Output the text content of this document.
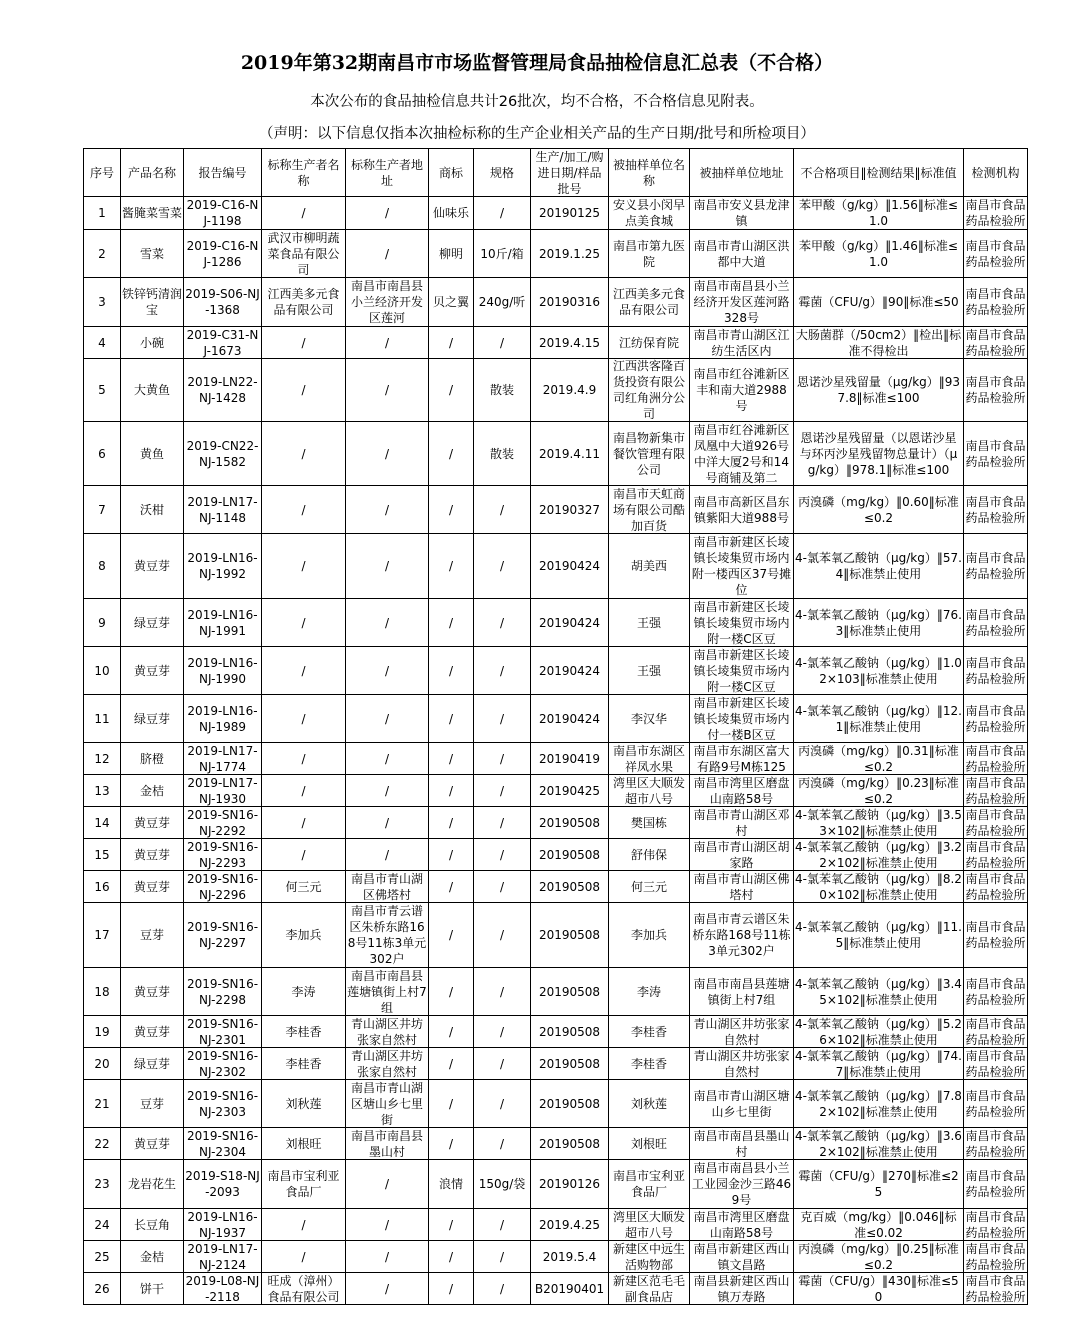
2019年第32期南昌市市场监督管理局食品抽检信息汇总表（不合格）
本次公布的食品抽检信息共计26批次，均不合格，不合格信息见附表。
（声明：以下信息仅指本次抽检标称的生产企业相关产品的生产日期/批号和所检项目）
序号	产品名称	报告编号	标称生产者名称	标称生产者地址	商标	规格	生产/加工/购进日期/样品批号	被抽样单位名称	被抽样单位地址	不合格项目‖检测结果‖标准值	检测机构

1	酱腌菜雪菜	2019-C16-NJ-1198	/	/	仙味乐	/	20190125	安义县小闵早点美食城	南昌市安义县龙津镇	苯甲酸（g/kg）‖1.56‖标准≤1.0	南昌市食品药品检验所

2	雪菜	2019-C16-NJ-1286	武汉市柳明蔬菜食品有限公司	/	柳明	10斤/箱	2019.1.25	南昌市第九医院	南昌市青山湖区洪都中大道	苯甲酸（g/kg）‖1.46‖标准≤1.0	南昌市食品药品检验所

3	铁锌钙清润宝	2019-S06-NJ-1368	江西美多元食品有限公司	南昌市南昌县小兰经济开发区莲河	贝之翼	240g/听	20190316	江西美多元食品有限公司	南昌市南昌县小兰经济开发区莲河路328号	霉菌（CFU/g）‖90‖标准≤50	南昌市食品药品检验所

4	小碗	2019-C31-NJ-1673	/	/	/	/	2019.4.15	江纺保育院	南昌市青山湖区江纺生活区内	大肠菌群（/50cm2）‖检出‖标准不得检出	南昌市食品药品检验所

5	大黄鱼	2019-LN22-NJ-1428	/	/	/	散装	2019.4.9	江西洪客隆百货投资有限公司红角洲分公司	南昌市红谷滩新区丰和南大道2988号	恩诺沙星残留量（μg/kg）‖937.8‖标准≤100	南昌市食品药品检验所

6	黄鱼	2019-CN22-NJ-1582	/	/	/	散装	2019.4.11	南昌物新集市餐饮管理有限公司	南昌市红谷滩新区凤凰中大道926号中洋大厦2号和14号商铺及第二	恩诺沙星残留量（以恩诺沙星与环丙沙星残留物总量计）（μg/kg）‖978.1‖标准≤100	南昌市食品药品检验所

7	沃柑	2019-LN17-NJ-1148	/	/	/	/	20190327	南昌市天虹商场有限公司酷加百货	南昌市高新区昌东镇紫阳大道988号	丙溴磷（mg/kg）‖0.60‖标准≤0.2	南昌市食品药品检验所

8	黄豆芽	2019-LN16-NJ-1992	/	/	/	/	20190424	胡美西	南昌市新建区长堎镇长堎集贸市场内附一楼西区37号摊位	4-氯苯氧乙酸钠（μg/kg）‖57.4‖标准禁止使用	南昌市食品药品检验所

9	绿豆芽	2019-LN16-NJ-1991	/	/	/	/	20190424	王强	南昌市新建区长堎镇长堎集贸市场内附一楼C区豆	4-氯苯氧乙酸钠（μg/kg）‖76.3‖标准禁止使用	南昌市食品药品检验所

10	黄豆芽	2019-LN16-NJ-1990	/	/	/	/	20190424	王强	南昌市新建区长堎镇长堎集贸市场内附一楼C区豆	4-氯苯氧乙酸钠（μg/kg）‖1.02×103‖标准禁止使用	南昌市食品药品检验所

11	绿豆芽	2019-LN16-NJ-1989	/	/	/	/	20190424	李汉华	南昌市新建区长堎镇长堎集贸市场内付一楼B区豆	4-氯苯氧乙酸钠（μg/kg）‖12.1‖标准禁止使用	南昌市食品药品检验所

12	脐橙	2019-LN17-NJ-1774	/	/	/	/	20190419	南昌市东湖区祥凤水果	南昌市东湖区富大有路9号M栋125	丙溴磷（mg/kg）‖0.31‖标准≤0.2	南昌市食品药品检验所

13	金桔	2019-LN17-NJ-1930	/	/	/	/	20190425	湾里区大顺发超市八号	南昌市湾里区磨盘山南路58号	丙溴磷（mg/kg）‖0.23‖标准≤0.2	南昌市食品药品检验所

14	黄豆芽	2019-SN16-NJ-2292	/	/	/	/	20190508	樊国栋	南昌市青山湖区邓村	4-氯苯氧乙酸钠（μg/kg）‖3.53×102‖标准禁止使用	南昌市食品药品检验所

15	黄豆芽	2019-SN16-NJ-2293	/	/	/	/	20190508	舒伟保	南昌市青山湖区胡家路	4-氯苯氧乙酸钠（μg/kg）‖3.22×102‖标准禁止使用	南昌市食品药品检验所

16	黄豆芽	2019-SN16-NJ-2296	何三元	南昌市青山湖区佛塔村	/	/	20190508	何三元	南昌市青山湖区佛塔村	4-氯苯氧乙酸钠（μg/kg）‖8.20×102‖标准禁止使用	南昌市食品药品检验所

17	豆芽	2019-SN16-NJ-2297	李加兵	南昌市青云谱区朱桥东路168号11栋3单元302户	/	/	20190508	李加兵	南昌市青云谱区朱桥东路168号11栋3单元302户	4-氯苯氧乙酸钠（μg/kg）‖11.5‖标准禁止使用	南昌市食品药品检验所

18	黄豆芽	2019-SN16-NJ-2298	李涛	南昌市南昌县莲塘镇街上村7组	/	/	20190508	李涛	南昌市南昌县莲塘镇街上村7组	4-氯苯氧乙酸钠（μg/kg）‖3.45×102‖标准禁止使用	南昌市食品药品检验所

19	黄豆芽	2019-SN16-NJ-2301	李桂香	青山湖区井坊张家自然村	/	/	20190508	李桂香	青山湖区井坊张家自然村	4-氯苯氧乙酸钠（μg/kg）‖5.26×102‖标准禁止使用	南昌市食品药品检验所

20	绿豆芽	2019-SN16-NJ-2302	李桂香	青山湖区井坊张家自然村	/	/	20190508	李桂香	青山湖区井坊张家自然村	4-氯苯氧乙酸钠（μg/kg）‖74.7‖标准禁止使用	南昌市食品药品检验所

21	豆芽	2019-SN16-NJ-2303	刘秋莲	南昌市青山湖区塘山乡七里街	/	/	20190508	刘秋莲	南昌市青山湖区塘山乡七里街	4-氯苯氧乙酸钠（μg/kg）‖7.82×102‖标准禁止使用	南昌市食品药品检验所

22	黄豆芽	2019-SN16-NJ-2304	刘根旺	南昌市南昌县墨山村	/	/	20190508	刘根旺	南昌市南昌县墨山村	4-氯苯氧乙酸钠（μg/kg）‖3.62×102‖标准禁止使用	南昌市食品药品检验所

23	龙岩花生	2019-S18-NJ-2093	南昌市宝利亚食品厂	/	浪情	150g/袋	20190126	南昌市宝利亚食品厂	南昌市南昌县小兰工业园金沙三路469号	霉菌（CFU/g）‖270‖标准≤25	南昌市食品药品检验所

24	长豆角	2019-LN16-NJ-1937	/	/	/	/	2019.4.25	湾里区大顺发超市八号	南昌市湾里区磨盘山南路58号	克百威（mg/kg）‖0.046‖标准≤0.02	南昌市食品药品检验所

25	金桔	2019-LN17-NJ-2124	/	/	/	/	2019.5.4	新建区中远生活购物部	南昌市新建区西山镇文昌路	丙溴磷（mg/kg）‖0.25‖标准≤0.2	南昌市食品药品检验所

26	饼干	2019-L08-NJ-2118	旺成（漳州）食品有限公司	/	/	/	B20190401	新建区范毛毛副食品店	南昌县新建区西山镇万寿路	霉菌（CFU/g）‖430‖标准≤50	南昌市食品药品检验所
